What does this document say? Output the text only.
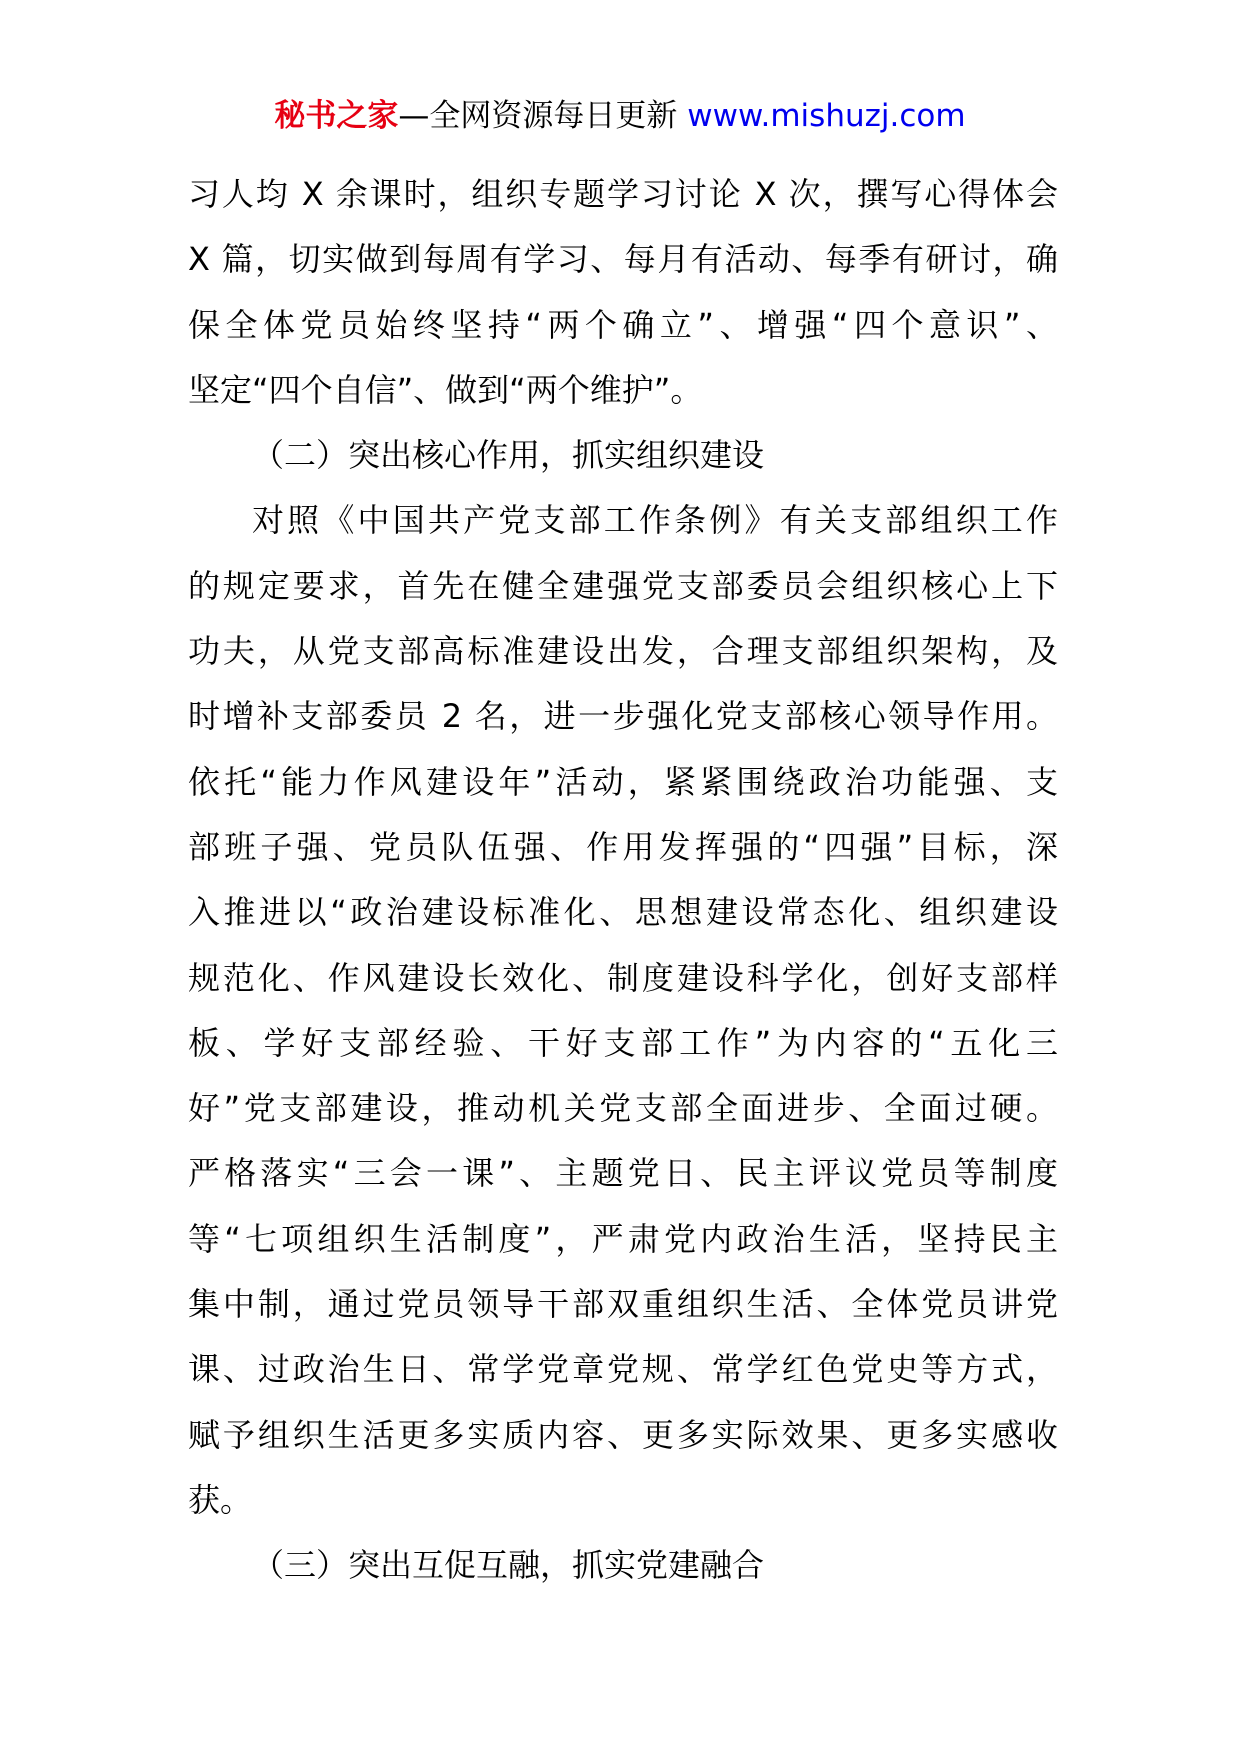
秘书之家—全网资源每日更新 www.mishuzj.com
习人均 X 余课时，组织专题学习讨论 X 次，撰写心得体会
X 篇，切实做到每周有学习、每月有活动、每季有研讨，确
保全体党员始终坚持“两个确立”、增强“四个意识”、
坚定“四个自信”、做到“两个维护”。
（二）突出核心作用，抓实组织建设
对照《中国共产党支部工作条例》有关支部组织工作
的规定要求，首先在健全建强党支部委员会组织核心上下
功夫，从党支部高标准建设出发，合理支部组织架构，及
时增补支部委员 2 名，进一步强化党支部核心领导作用。
依托“能力作风建设年”活动，紧紧围绕政治功能强、支
部班子强、党员队伍强、作用发挥强的“四强”目标，深
入推进以“政治建设标准化、思想建设常态化、组织建设
规范化、作风建设长效化、制度建设科学化，创好支部样
板、学好支部经验、干好支部工作”为内容的“五化三
好”党支部建设，推动机关党支部全面进步、全面过硬。
严格落实“三会一课”、主题党日、民主评议党员等制度
等“七项组织生活制度”，严肃党内政治生活，坚持民主
集中制，通过党员领导干部双重组织生活、全体党员讲党
课、过政治生日、常学党章党规、常学红色党史等方式，
赋予组织生活更多实质内容、更多实际效果、更多实感收
获。
（三）突出互促互融，抓实党建融合
